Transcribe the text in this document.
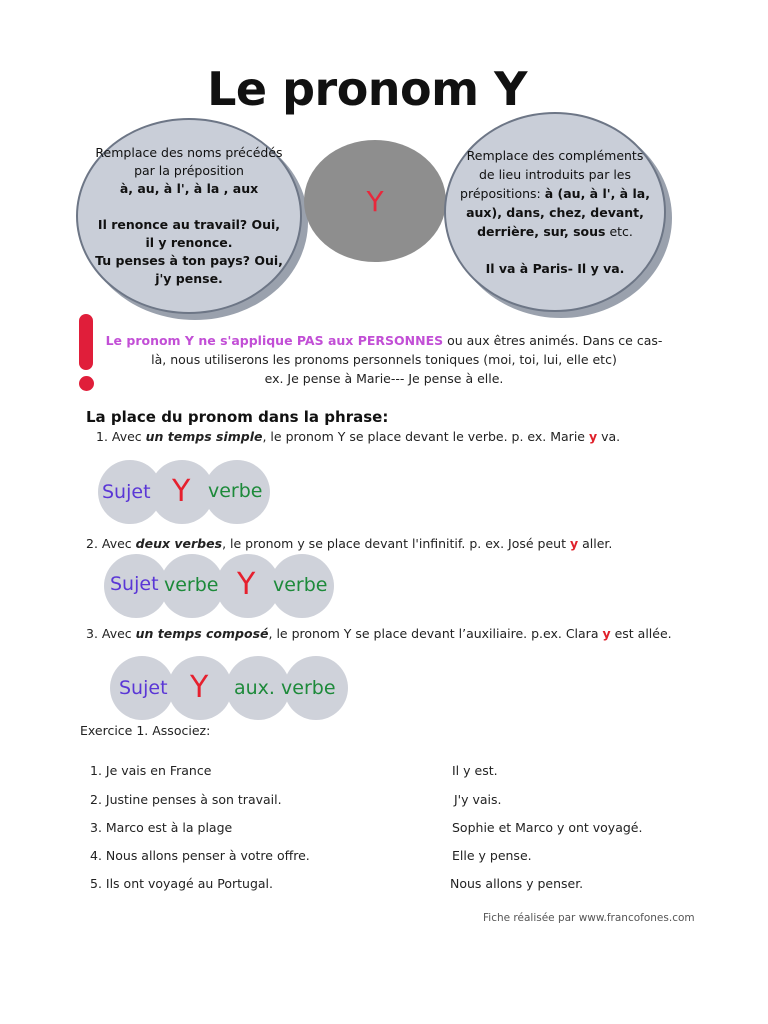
Le pronom Y

Remplace des noms précédés par la préposition
à, au, à l', à la , aux

Il renonce au travail? Oui, il y renonce.
Tu penses à ton pays? Oui, j'y pense.

Y

Remplace des compléments de lieu introduits par les prépositions: à (au, à l', à la, aux), dans, chez, devant, derrière, sur, sous etc.

Il va à Paris- Il y va.

Le pronom Y ne s'applique PAS aux PERSONNES ou aux êtres animés. Dans ce cas-là, nous utiliserons les pronoms personnels toniques (moi, toi, lui, elle etc)
ex. Je pense à Marie--- Je pense à elle.
La place du pronom dans la phrase:
1. Avec un temps simple, le pronom Y se place devant le verbe. p. ex. Marie y va.
Sujet Y verbe
2. Avec deux verbes, le pronom y se place devant l'infinitif. p. ex. José peut y aller.
Sujet verbe Y verbe
3. Avec un temps composé, le pronom Y se place devant l’auxiliaire. p.ex. Clara y est allée.
Sujet Y aux. verbe
Exercice 1. Associez:
1. Je vais en France
2. Justine penses à son travail.
3. Marco est à la plage
4. Nous allons penser à votre offre.
5. Ils ont voyagé au Portugal.
Il y est.
J'y vais.
Sophie et Marco y ont voyagé.
Elle y pense.
Nous allons y penser.
Fiche réalisée par www.francofones.com
